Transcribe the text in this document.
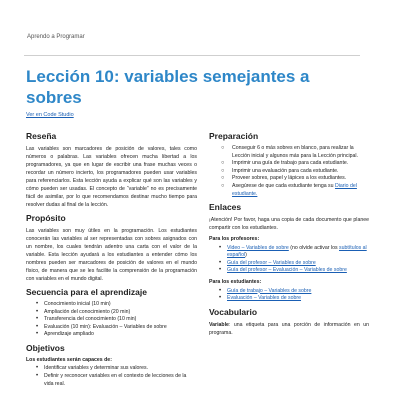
Aprendo a Programar
Lección 10: variables semejantes a sobres
Ver en Code Studio
Reseña

Las variables son marcadores de posición de valores, tales como números o palabras. Las variables ofrecen mucha libertad a los programadores, ya que en lugar de escribir una frase muchas veces o recordar un número incierto, los programadores pueden usar variables para referenciarlos. Esta lección ayuda a explicar qué son las variables y cómo pueden ser usadas. El concepto de “variable” no es precisamente fácil de asimilar, por lo que recomendamos destinar mucho tiempo para resolver dudas al final de la lección.

Propósito

Las variables son muy útiles en la programación. Los estudiantes conocerán las variables al ser representadas con sobres asignados con un nombre, los cuales tendrán adentro una carta con el valor de la variable. Esta lección ayudará a los estudiantes a entender cómo los nombres pueden ser marcadores de posición de valores en el mundo físico, de manera que se les facilite la comprensión de la programación con variables en el mundo digital.

Secuencia para el aprendizaje
• Conocimiento inicial (10 min)
• Ampliación del conocimiento (20 min)
• Transferencia del conocimiento (10 min)
• Evaluación (10 min): Evaluación – Variables de sobre
• Aprendizaje ampliado
Objetivos
Los estudiantes serán capaces de:
• Identificar variables y determinar sus valores.
• Definir y reconocer variables en el contexto de lecciones de la vida real.
Preparación
○ Conseguir 6 o más sobres en blanco, para realizar la Lección inicial y algunos más para la Lección principal.
○ Imprimir una guía de trabajo para cada estudiante.
○ Imprimir una evaluación para cada estudiante.
○ Proveer sobres, papel y lápices a los estudiantes.
○ Asegúrese de que cada estudiante tenga su Diario del estudiante.
Enlaces

¡Atención! Por favor, haga una copia de cada documento que planee compartir con los estudiantes.

Para los profesores:
• Video – Variables de sobre (no olvide activar los subtítulos al español)
• Guía del profesor – Variables de sobre
• Guía del profesor – Evaluación – Variables de sobre
Para los estudiantes:
• Guía de trabajo – Variables de sobre
• Evaluación – Variables de sobre
Vocabulario

Variable: una etiqueta para una porción de información en un programa.
